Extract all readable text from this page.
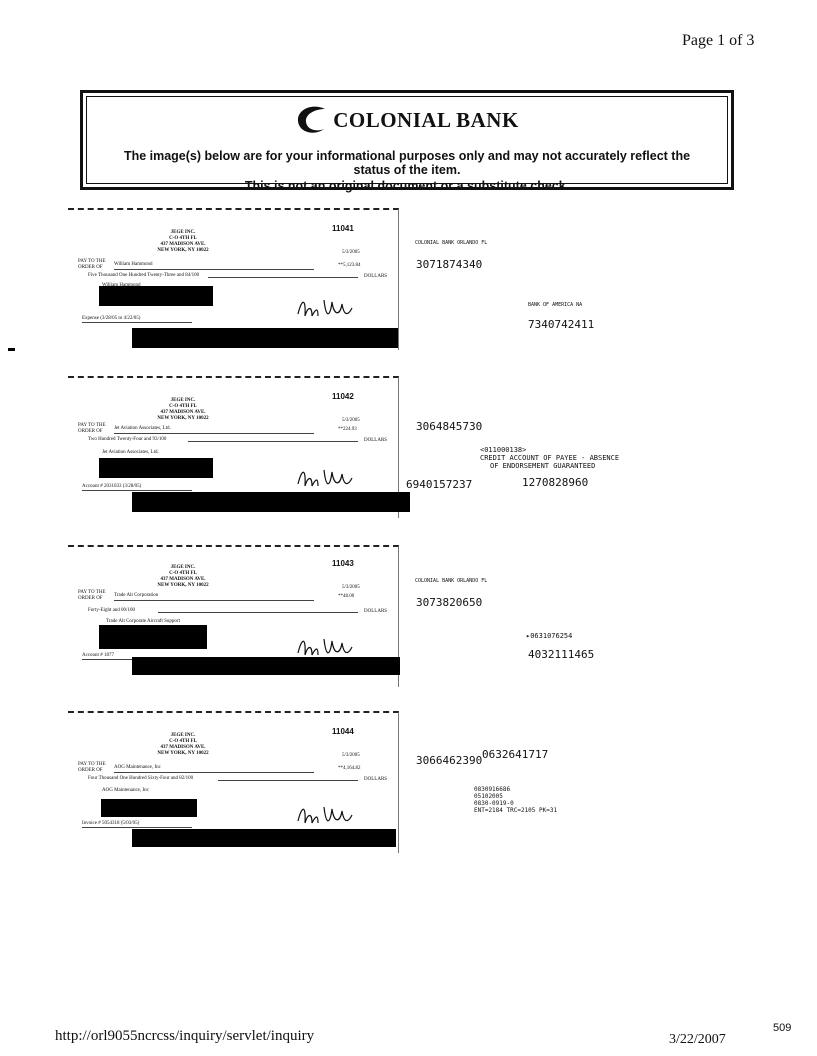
Page 1 of 3
COLONIAL BANK
The image(s) below are for your informational purposes only and may not accurately reflect the
status of the item.
This is not an original document or a substitute check.
11041
JEGE INC.
C-O 4TH FL
437 MADISON AVE.
NEW YORK, NY 10022	5/3/2005
PAY TO THE ORDER OF
William Hammond	**5,123.84
Five Thousand One Hundred Twenty-Three and 84/100	DOLLARS
Expense (3/28/05 to 4/22/05)
COLONIAL BANK ORLANDO FL
3071874340
BANK OF AMERICA NA
7340742411
11042
JEGE INC.
C-O 4TH FL
437 MADISON AVE.
NEW YORK, NY 10022	5/3/2005
PAY TO THE ORDER OF
Jet Aviation Associates, Ltd.	**224.93
Two Hundred Twenty-Four and 93/100	DOLLARS
Jet Aviation Associates, Ltd.
Account # 2031033 (3/28/05)
3064845730
<011000138>
CREDIT ACCOUNT OF PAYEE - ABSENCE
OF ENDORSEMENT GUARANTEED
6940157237	1270828960
11043
JEGE INC.
C-O 4TH FL
437 MADISON AVE.
NEW YORK, NY 10022	5/3/2005
PAY TO THE ORDER OF
Trade Alt Corporation	**48.00
Forty-Eight and 00/100	DOLLARS
Trade Alt Corporate Aircraft Support
Account # 1877
COLONIAL BANK ORLANDO FL
3073820650
▸0631076254
4032111465
11044
JEGE INC.
C-O 4TH FL
437 MADISON AVE.
NEW YORK, NY 10022	5/3/2005
PAY TO THE ORDER OF
AOG Maintenance, Inc	**4,164.82
Four Thousand One Hundred Sixty-Four and 82/100	DOLLARS
AOG Maintenance, Inc
Invoice # 5054318 (5/03/05)
3066462390 0632641717
0830916686
05102005
0830-0919-0
ENT=2184 TRC=2105 PK=31
http://orl9055ncrcss/inquiry/servlet/inquiry	3/22/2007
509
